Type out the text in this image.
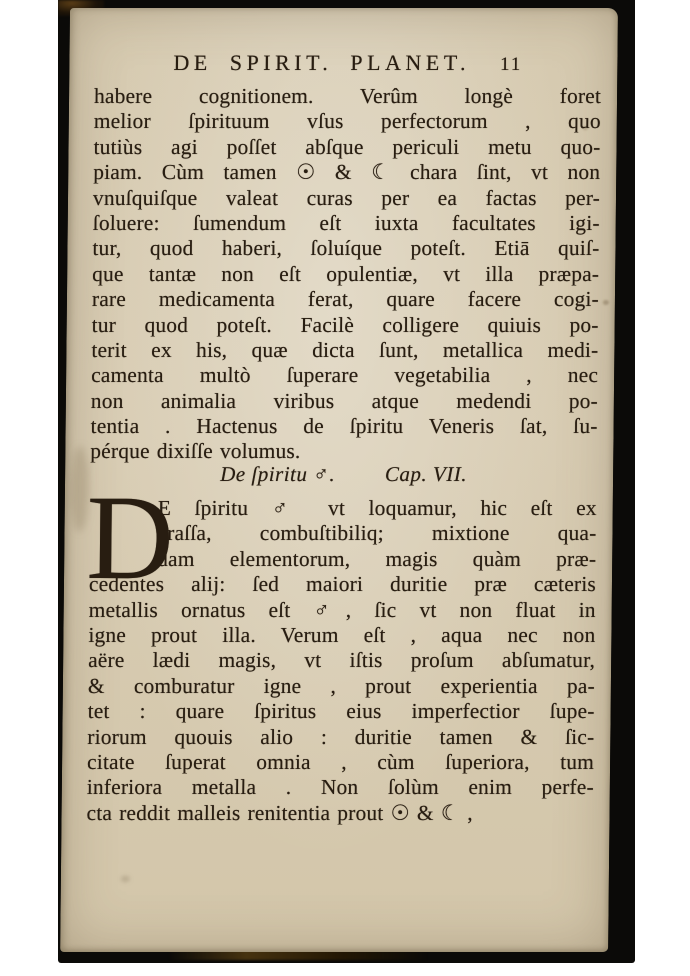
DE SPIRIT. PLANET. 11
habere cognitionem. Verûm longè foret
melior ſpirituum vſus perfectorum , quo
tutiùs agi poſſet abſque periculi metu quo-
piam. Cùm tamen ☉ & ☾ chara ſint, vt non
vnuſquiſque valeat curas per ea factas per-
ſoluere: ſumendum eſt iuxta facultates igi-
tur, quod haberi, ſoluíque poteſt. Etiā quiſ-
que tantæ non eſt opulentiæ, vt illa præpa-
rare medicamenta ferat, quare facere cogi-
tur quod poteſt. Facilè colligere quiuis po-
terit ex his, quæ dicta ſunt, metallica medi-
camenta multò ſuperare vegetabilia , nec
non animalia viribus atque medendi po-
tentia . Hactenus de ſpiritu Veneris ſat, ſu-
pérque dixiſſe volumus.
De ſpiritu ♂. Cap. VII.
D
E ſpiritu ♂ vt loquamur, hic eſt ex
craſſa, combuſtibiliq; mixtione qua-
dam elementorum, magis quàm præ-
cedentes alij: ſed maiori duritie præ cæteris
metallis ornatus eſt ♂, ſic vt non fluat in
igne prout illa. Verum eſt , aqua nec non
aëre lædi magis, vt iſtis proſum abſumatur,
& comburatur igne , prout experientia pa-
tet : quare ſpiritus eius imperfectior ſupe-
riorum quouis alio : duritie tamen & ſic-
citate ſuperat omnia , cùm ſuperiora, tum
inferiora metalla . Non ſolùm enim perfe-
cta reddit malleis renitentia prout ☉ & ☾ ,
